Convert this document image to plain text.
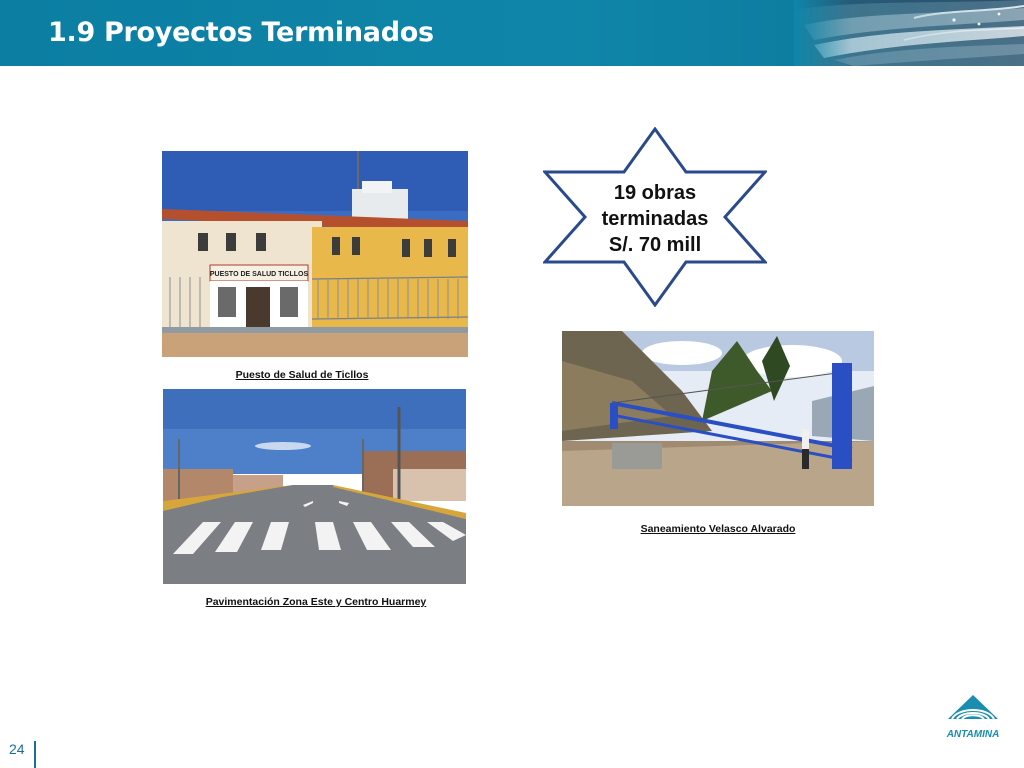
1.9 Proyectos Terminados
PUESTO DE SALUD TICLLOS
Puesto de Salud de Ticllos
Pavimentación Zona Este y Centro Huarmey
19 obras
terminadas
S/. 70 mill
Saneamiento Velasco Alvarado
24
ANTAMINA
